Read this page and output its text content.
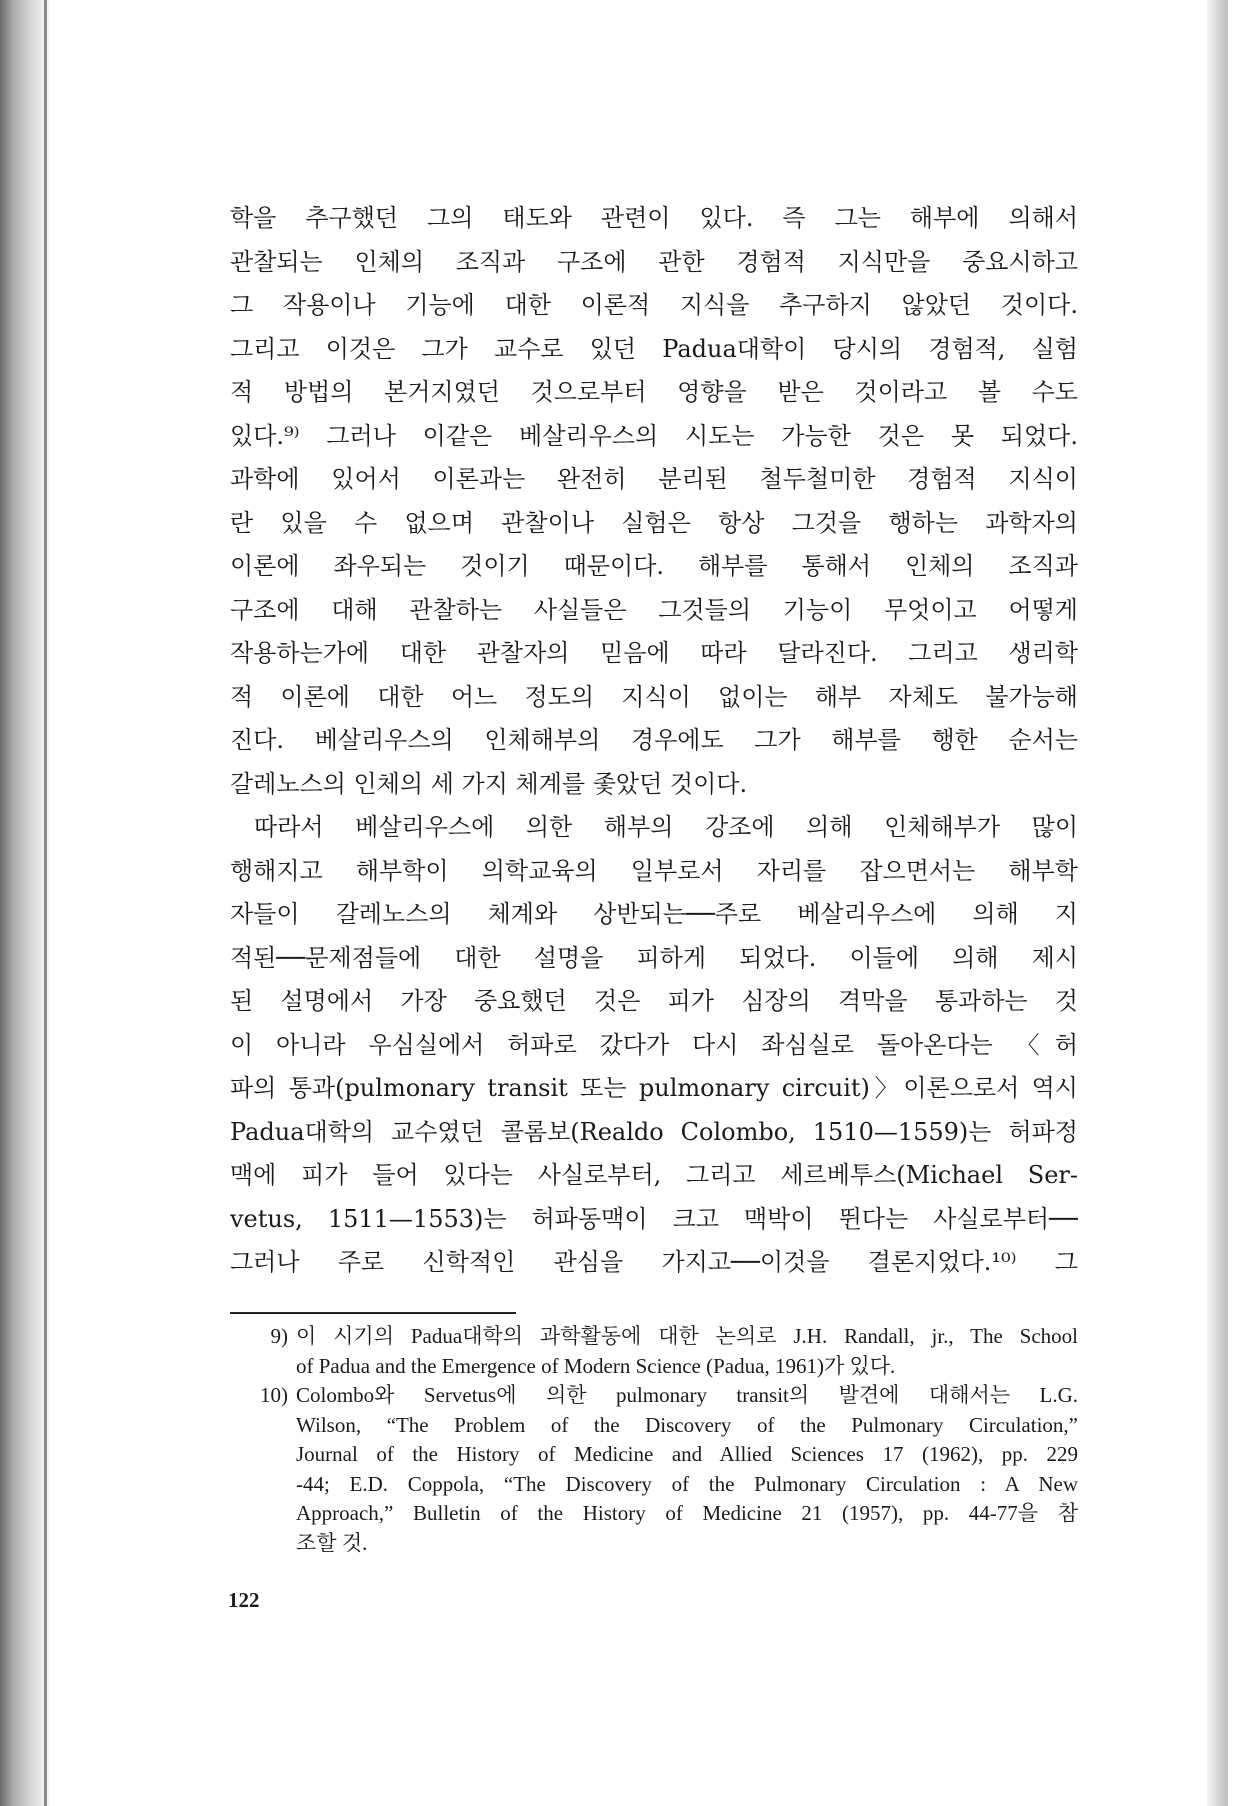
학을 추구했던 그의 태도와 관련이 있다. 즉 그는 해부에 의해서
관찰되는 인체의 조직과 구조에 관한 경험적 지식만을 중요시하고
그 작용이나 기능에 대한 이론적 지식을 추구하지 않았던 것이다.
그리고 이것은 그가 교수로 있던 Padua대학이 당시의 경험적, 실험
적 방법의 본거지였던 것으로부터 영향을 받은 것이라고 볼 수도
있다.⁹⁾ 그러나 이같은 베살리우스의 시도는 가능한 것은 못 되었다.
과학에 있어서 이론과는 완전히 분리된 철두철미한 경험적 지식이
란 있을 수 없으며 관찰이나 실험은 항상 그것을 행하는 과학자의
이론에 좌우되는 것이기 때문이다. 해부를 통해서 인체의 조직과
구조에 대해 관찰하는 사실들은 그것들의 기능이 무엇이고 어떻게
작용하는가에 대한 관찰자의 믿음에 따라 달라진다. 그리고 생리학
적 이론에 대한 어느 정도의 지식이 없이는 해부 자체도 불가능해
진다. 베살리우스의 인체해부의 경우에도 그가 해부를 행한 순서는
갈레노스의 인체의 세 가지 체계를 좇았던 것이다.
따라서 베살리우스에 의한 해부의 강조에 의해 인체해부가 많이
행해지고 해부학이 의학교육의 일부로서 자리를 잡으면서는 해부학
자들이 갈레노스의 체계와 상반되는──주로 베살리우스에 의해 지
적된──문제점들에 대한 설명을 피하게 되었다. 이들에 의해 제시
된 설명에서 가장 중요했던 것은 피가 심장의 격막을 통과하는 것
이 아니라 우심실에서 허파로 갔다가 다시 좌심실로 돌아온다는 〈허
파의 통과(pulmonary transit 또는 pulmonary circuit)〉이론으로서 역시
Padua대학의 교수였던 콜롬보(Realdo Colombo, 1510—1559)는 허파정
맥에 피가 들어 있다는 사실로부터, 그리고 세르베투스(Michael Ser-
vetus, 1511—1553)는 허파동맥이 크고 맥박이 뛴다는 사실로부터──
그러나 주로 신학적인 관심을 가지고──이것을 결론지었다.¹⁰⁾ 그
9) 이 시기의 Padua대학의 과학활동에 대한 논의로 J.H. Randall, jr., The School
of Padua and the Emergence of Modern Science (Padua, 1961)가 있다.
10) Colombo와 Servetus에 의한 pulmonary transit의 발견에 대해서는 L.G.
Wilson, “The Problem of the Discovery of the Pulmonary Circulation,”
Journal of the History of Medicine and Allied Sciences 17 (1962), pp. 229
-44; E.D. Coppola, “The Discovery of the Pulmonary Circulation : A New
Approach,” Bulletin of the History of Medicine 21 (1957), pp. 44-77을 참
조할 것.
122
